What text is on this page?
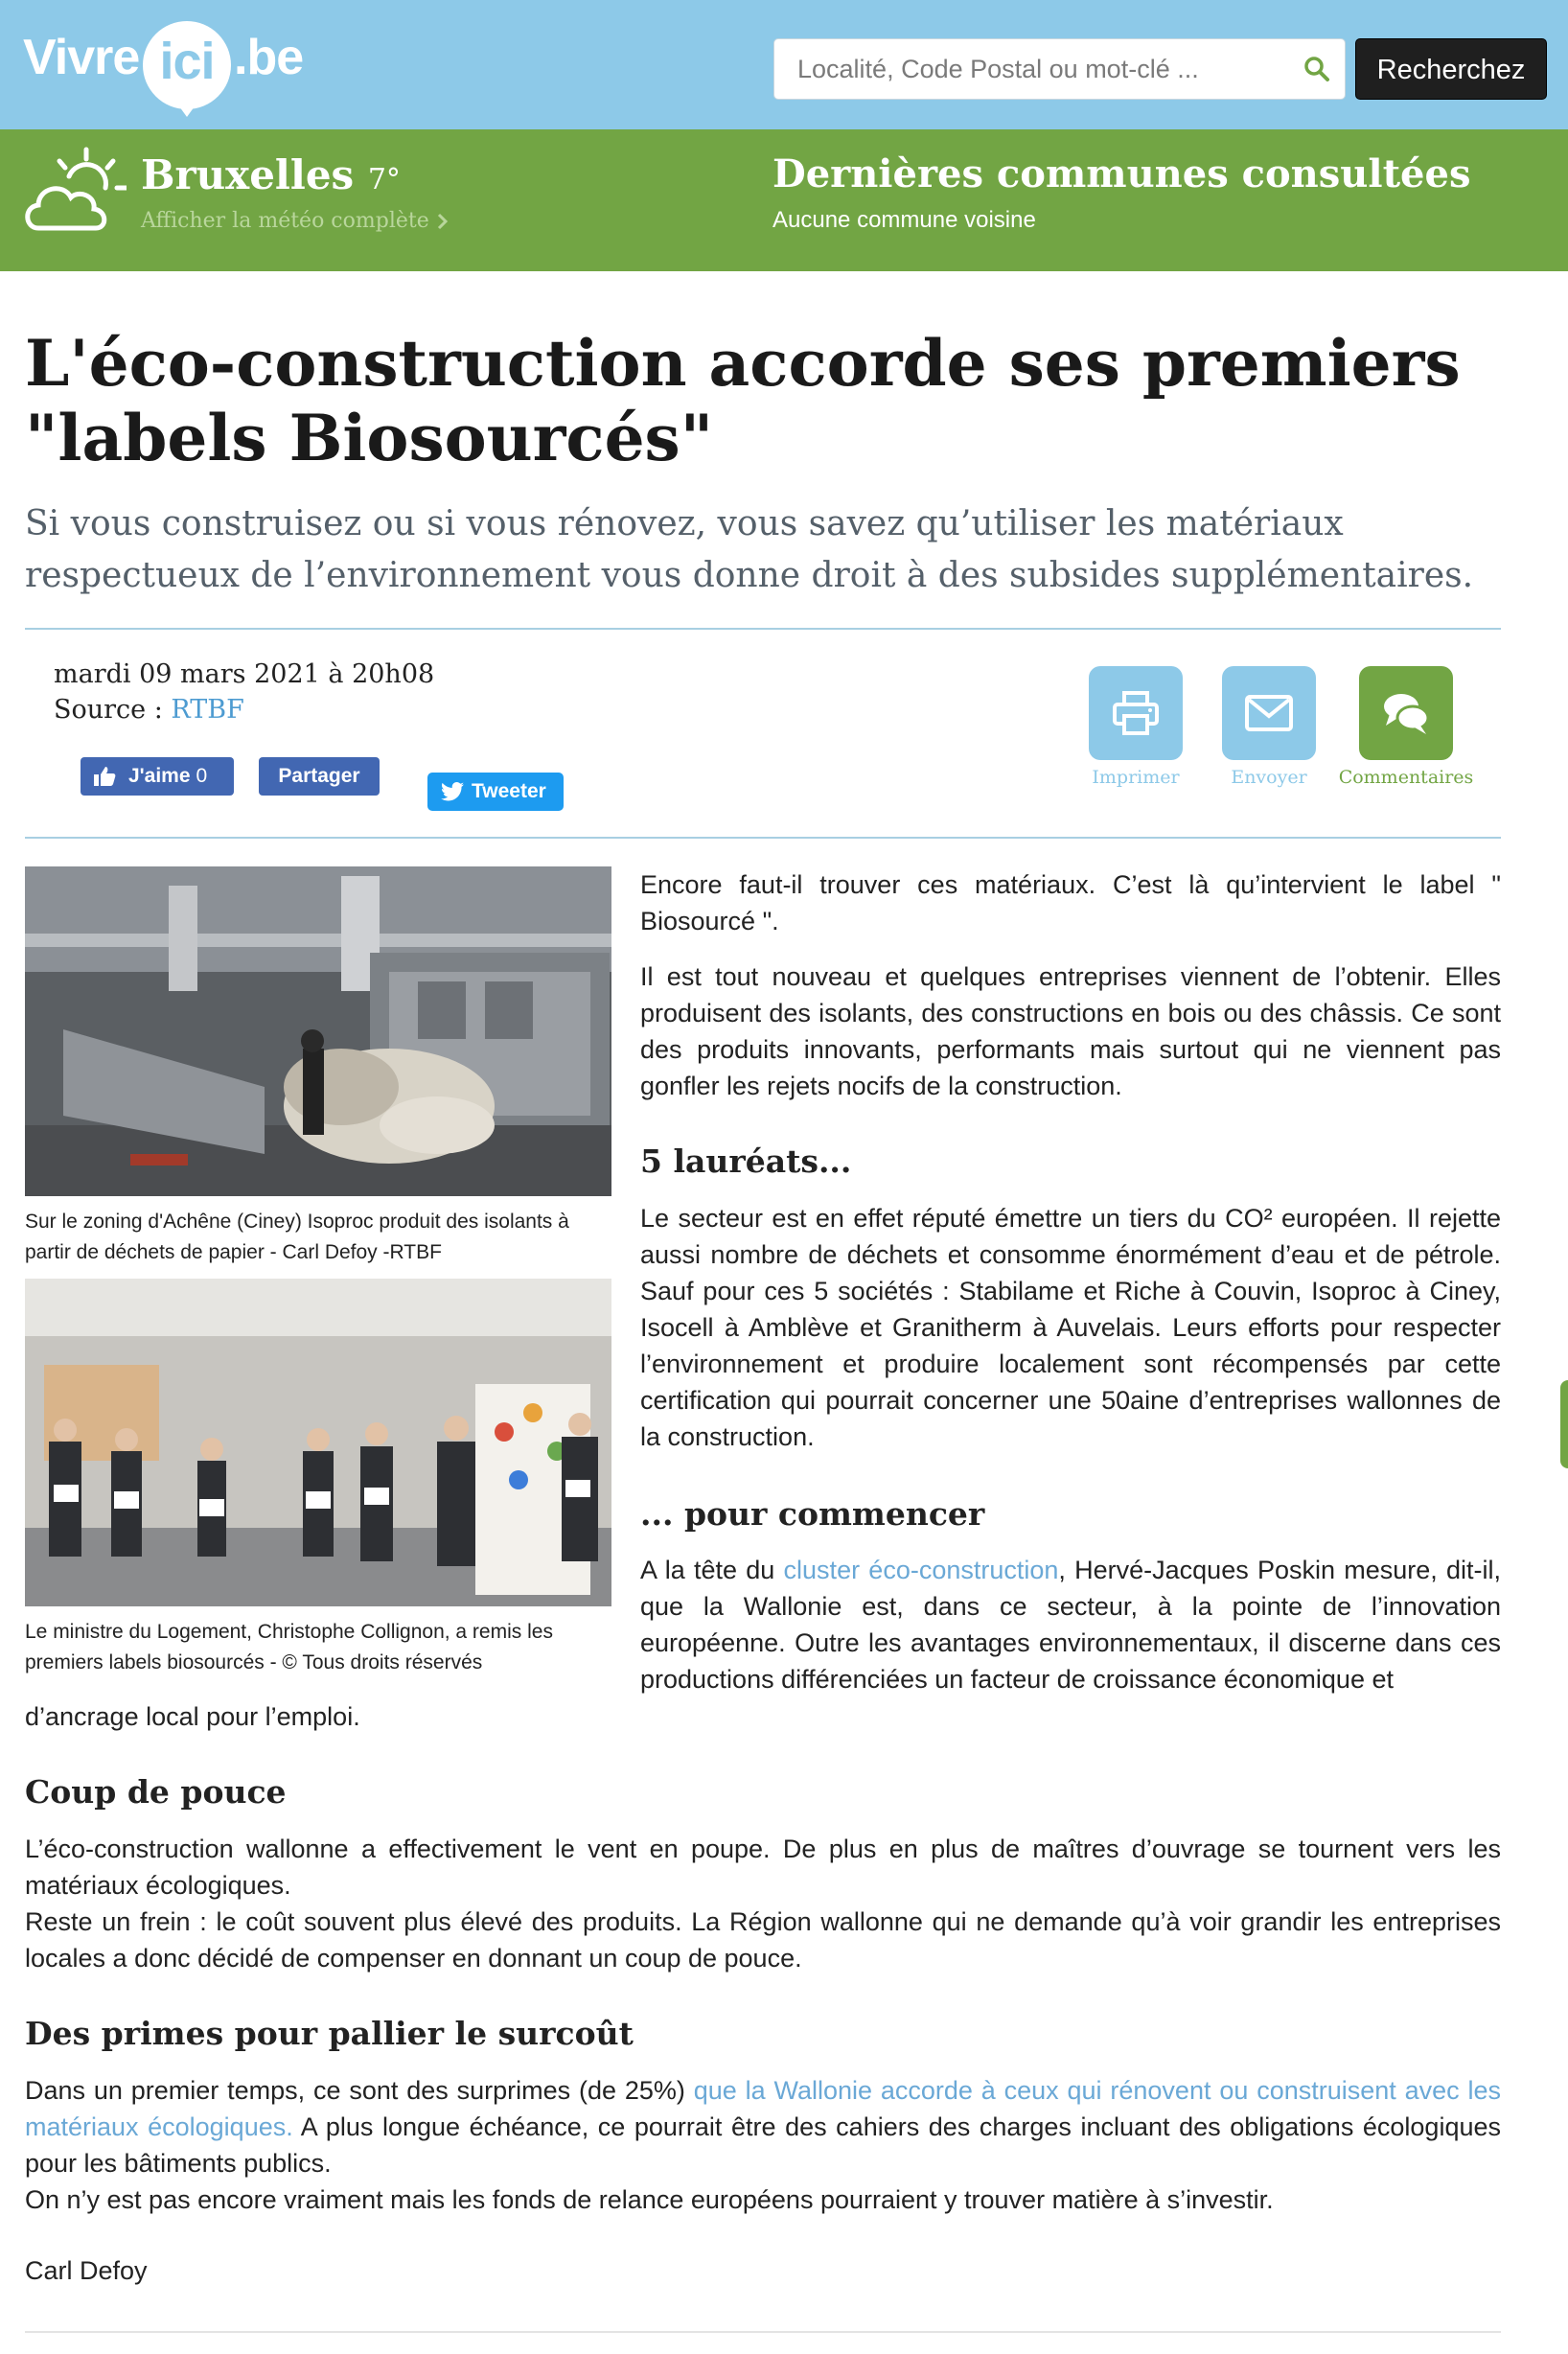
Vivre ici .be
Localité, Code Postal ou mot-clé ...	Recherchez
Bruxelles 7°
Afficher la météo complète
Dernières communes consultées
Aucune commune voisine
L'éco-construction accorde ses premiers "labels Biosourcés"

Si vous construisez ou si vous rénovez, vous savez qu’utiliser les matériaux respectueux de l’environnement vous donne droit à des subsides supplémentaires.

mardi 09 mars 2021 à 20h08
Source : RTBF
J'aime 0	Partager
Tweeter
Imprimer	Envoyer	Commentaires
Sur le zoning d'Achêne (Ciney) Isoproc produit des isolants à partir de déchets de papier - Carl Defoy -RTBF
Le ministre du Logement, Christophe Collignon, a remis les premiers labels biosourcés - © Tous droits réservés

Encore faut-il trouver ces matériaux. C’est là qu’intervient le label " Biosourcé ".

Il est tout nouveau et quelques entreprises viennent de l’obtenir. Elles produisent des isolants, des constructions en bois ou des châssis. Ce sont des produits innovants, performants mais surtout qui ne viennent pas gonfler les rejets nocifs de la construction.

5 lauréats...

Le secteur est en effet réputé émettre un tiers du CO² européen. Il rejette aussi nombre de déchets et consomme énormément d’eau et de pétrole. Sauf pour ces 5 sociétés : Stabilame et Riche à Couvin, Isoproc à Ciney, Isocell à Amblève et Granitherm à Auvelais. Leurs efforts pour respecter l’environnement et produire localement sont récompensés par cette certification qui pourrait concerner une 50aine d’entreprises wallonnes de la construction.

... pour commencer

A la tête du cluster éco-construction, Hervé-Jacques Poskin mesure, dit-il, que la Wallonie est, dans ce secteur, à la pointe de l’innovation européenne. Outre les avantages environnementaux, il discerne dans ces productions différenciées un facteur de croissance économique et

d’ancrage local pour l’emploi.

Coup de pouce

L’éco-construction wallonne a effectivement le vent en poupe. De plus en plus de maîtres d’ouvrage se tournent vers les matériaux écologiques.

Reste un frein : le coût souvent plus élevé des produits. La Région wallonne qui ne demande qu’à voir grandir les entreprises locales a donc décidé de compenser en donnant un coup de pouce.

Des primes pour pallier le surcoût

Dans un premier temps, ce sont des surprimes (de 25%) que la Wallonie accorde à ceux qui rénovent ou construisent avec les matériaux écologiques. A plus longue échéance, ce pourrait être des cahiers des charges incluant des obligations écologiques pour les bâtiments publics.

On n’y est pas encore vraiment mais les fonds de relance européens pourraient y trouver matière à s’investir.

Carl Defoy
